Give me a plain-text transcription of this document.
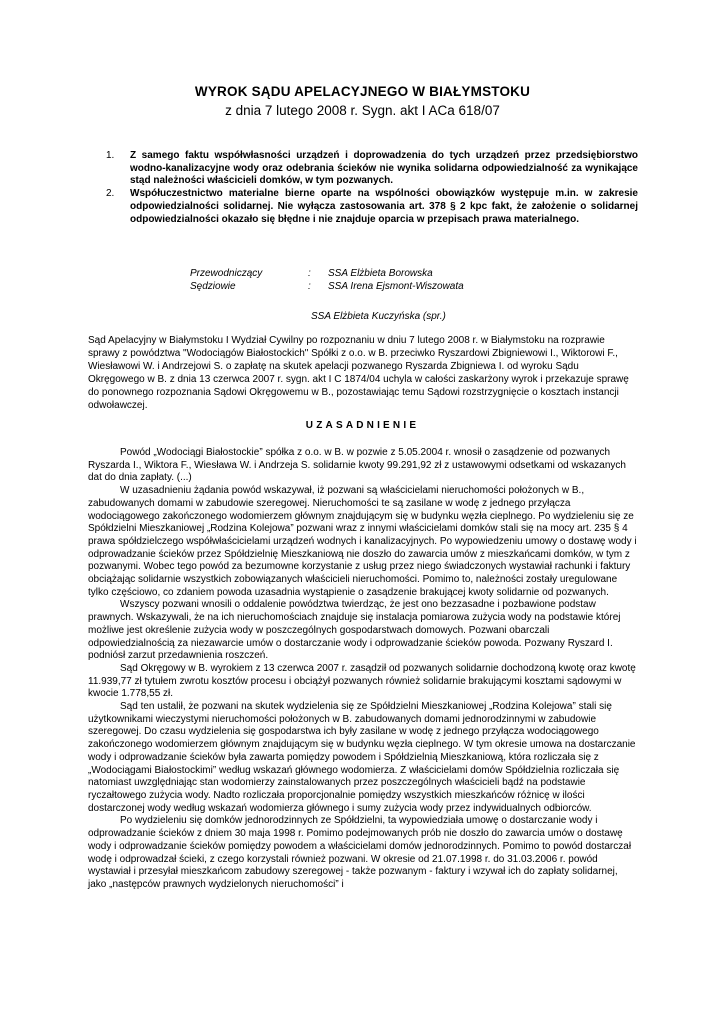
WYROK SĄDU APELACYJNEGO W BIAŁYMSTOKU
z dnia 7 lutego 2008 r. Sygn. akt I ACa 618/07
1. Z samego faktu współwłasności urządzeń i doprowadzenia do tych urządzeń przez przedsiębiorstwo wodno-kanalizacyjne wody oraz odebrania ścieków nie wynika solidarna odpowiedzialność za wynikające stąd należności właścicieli domków, w tym pozwanych.
2. Współuczestnictwo materialne bierne oparte na wspólności obowiązków występuje m.in. w zakresie odpowiedzialności solidarnej. Nie wyłącza zastosowania art. 378 § 2 kpc fakt, że założenie o solidarnej odpowiedzialności okazało się błędne i nie znajduje oparcia w przepisach prawa materialnego.
Przewodniczący	:	SSA Elżbieta Borowska
Sędziowie	:	SSA Irena Ejsmont-Wiszowata
SSA Elżbieta Kuczyńska (spr.)

Sąd Apelacyjny w Białymstoku I Wydział Cywilny po rozpoznaniu w dniu 7 lutego 2008 r. w Białymstoku na rozprawie sprawy z powództwa "Wodociągów Białostockich" Spółki z o.o. w B. przeciwko Ryszardowi Zbigniewowi I., Wiktorowi F., Wiesławowi W. i Andrzejowi S. o zapłatę na skutek apelacji pozwanego Ryszarda Zbigniewa I. od wyroku Sądu Okręgowego w B. z dnia 13 czerwca 2007 r. sygn. akt I C 1874/04 uchyla w całości zaskarżony wyrok i przekazuje sprawę do ponownego rozpoznania Sądowi Okręgowemu w B., pozostawiając temu Sądowi rozstrzygnięcie o kosztach instancji odwoławczej.

UZASADNIENIE

Powód „Wodociągi Białostockie” spółka z o.o. w B. w pozwie z 5.05.2004 r. wnosił o zasądzenie od pozwanych Ryszarda I., Wiktora F., Wiesława W. i Andrzeja S. solidarnie kwoty 99.291,92 zł z ustawowymi odsetkami od wskazanych dat do dnia zapłaty. (...)

W uzasadnieniu żądania powód wskazywał, iż pozwani są właścicielami nieruchomości położonych w B., zabudowanych domami w zabudowie szeregowej. Nieruchomości te są zasilane w wodę z jednego przyłącza wodociągowego zakończonego wodomierzem głównym znajdującym się w budynku węzła cieplnego. Po wydzieleniu się ze Spółdzielni Mieszkaniowej „Rodzina Kolejowa” pozwani wraz z innymi właścicielami domków stali się na mocy art. 235 § 4 prawa spółdzielczego współwłaścicielami urządzeń wodnych i kanalizacyjnych. Po wypowiedzeniu umowy o dostawę wody i odprowadzanie ścieków przez Spółdzielnię Mieszkaniową nie doszło do zawarcia umów z mieszkańcami domków, w tym z pozwanymi. Wobec tego powód za bezumowne korzystanie z usług przez niego świadczonych wystawiał rachunki i faktury obciążając solidarnie wszystkich zobowiązanych właścicieli nieruchomości. Pomimo to, należności zostały uregulowane tylko częściowo, co zdaniem powoda uzasadnia wystąpienie o zasądzenie brakującej kwoty solidarnie od pozwanych.

Wszyscy pozwani wnosili o oddalenie powództwa twierdząc, że jest ono bezzasadne i pozbawione podstaw prawnych. Wskazywali, że na ich nieruchomościach znajduje się instalacja pomiarowa zużycia wody na podstawie której możliwe jest określenie zużycia wody w poszczególnych gospodarstwach domowych. Pozwani obarczali odpowiedzialnością za niezawarcie umów o dostarczanie wody i odprowadzanie ścieków powoda. Pozwany Ryszard I. podniósł zarzut przedawnienia roszczeń.

Sąd Okręgowy w B. wyrokiem z 13 czerwca 2007 r. zasądził od pozwanych solidarnie dochodzoną kwotę oraz kwotę 11.939,77 zł tytułem zwrotu kosztów procesu i obciążył pozwanych również solidarnie brakującymi kosztami sądowymi w kwocie 1.778,55 zł.

Sąd ten ustalił, że pozwani na skutek wydzielenia się ze Spółdzielni Mieszkaniowej „Rodzina Kolejowa” stali się użytkownikami wieczystymi nieruchomości położonych w B. zabudowanych domami jednorodzinnymi w zabudowie szeregowej. Do czasu wydzielenia się gospodarstwa ich były zasilane w wodę z jednego przyłącza wodociągowego zakończonego wodomierzem głównym znajdującym się w budynku węzła cieplnego. W tym okresie umowa na dostarczanie wody i odprowadzanie ścieków była zawarta pomiędzy powodem i Spółdzielnią Mieszkaniową, która rozliczała się z „Wodociągami Białostockimi” według wskazań głównego wodomierza. Z właścicielami domów Spółdzielnia rozliczała się natomiast uwzględniając stan wodomierzy zainstalowanych przez poszczególnych właścicieli bądź na podstawie ryczałtowego zużycia wody. Nadto rozliczała proporcjonalnie pomiędzy wszystkich mieszkańców różnicę w ilości dostarczonej wody według wskazań wodomierza głównego i sumy zużycia wody przez indywidualnych odbiorców.

Po wydzieleniu się domków jednorodzinnych ze Spółdzielni, ta wypowiedziała umowę o dostarczanie wody i odprowadzanie ścieków z dniem 30 maja 1998 r. Pomimo podejmowanych prób nie doszło do zawarcia umów o dostawę wody i odprowadzanie ścieków pomiędzy powodem a właścicielami domów jednorodzinnych. Pomimo to powód dostarczał wodę i odprowadzał ścieki, z czego korzystali również pozwani. W okresie od 21.07.1998 r. do 31.03.2006 r. powód wystawiał i przesyłał mieszkańcom zabudowy szeregowej - także pozwanym - faktury i wzywał ich do zapłaty solidarnej, jako „następców prawnych wydzielonych nieruchomości” i
